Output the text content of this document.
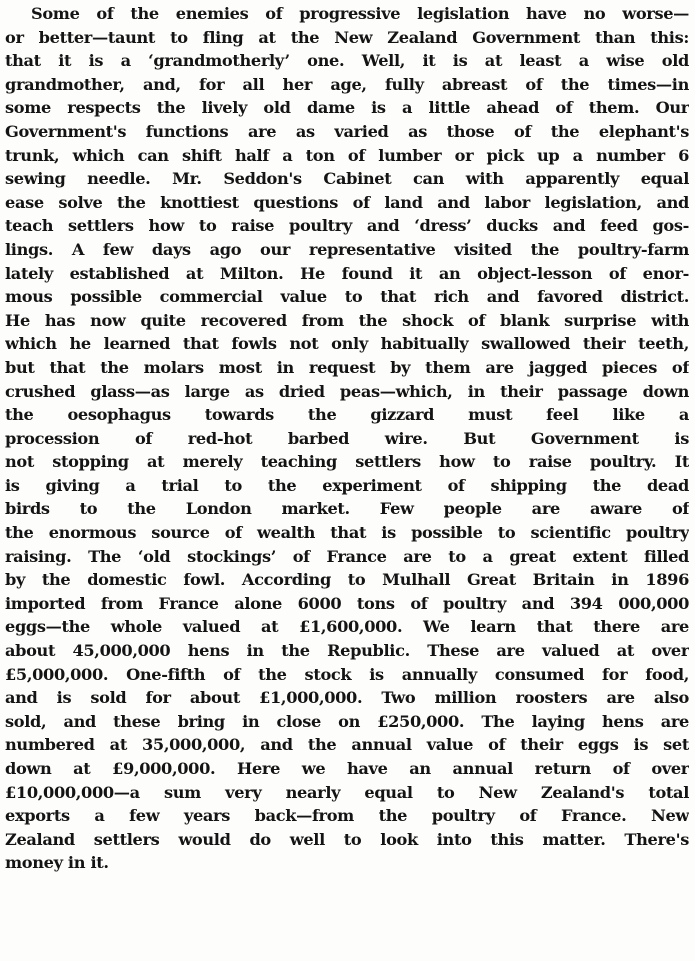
Some of the enemies of progressive legislation have no worse—
or better—taunt to fling at the New Zealand Government than this:
that it is a ‘grandmotherly’ one. Well, it is at least a wise old
grandmother, and, for all her age, fully abreast of the times—in
some respects the lively old dame is a little ahead of them. Our
Government's functions are as varied as those of the elephant's
trunk, which can shift half a ton of lumber or pick up a number 6
sewing needle. Mr. Seddon's Cabinet can with apparently equal
ease solve the knottiest questions of land and labor legislation, and
teach settlers how to raise poultry and ‘dress’ ducks and feed gos-
lings. A few days ago our representative visited the poultry-farm
lately established at Milton. He found it an object-lesson of enor-
mous possible commercial value to that rich and favored district.
He has now quite recovered from the shock of blank surprise with
which he learned that fowls not only habitually swallowed their teeth,
but that the molars most in request by them are jagged pieces of
crushed glass—as large as dried peas—which, in their passage down
the oesophagus towards the gizzard must feel like a
procession of red-hot barbed wire. But Government is
not stopping at merely teaching settlers how to raise poultry. It
is giving a trial to the experiment of shipping the dead
birds to the London market. Few people are aware of
the enormous source of wealth that is possible to scientific poultry
raising. The ‘old stockings’ of France are to a great extent filled
by the domestic fowl. According to Mulhall Great Britain in 1896
imported from France alone 6000 tons of poultry and 394 000,000
eggs—the whole valued at £1,600,000. We learn that there are
about 45,000,000 hens in the Republic. These are valued at over
£5,000,000. One-fifth of the stock is annually consumed for food,
and is sold for about £1,000,000. Two million roosters are also
sold, and these bring in close on £250,000. The laying hens are
numbered at 35,000,000, and the annual value of their eggs is set
down at £9,000,000. Here we have an annual return of over
£10,000,000—a sum very nearly equal to New Zealand's total
exports a few years back—from the poultry of France. New
Zealand settlers would do well to look into this matter. There's
money in it.
